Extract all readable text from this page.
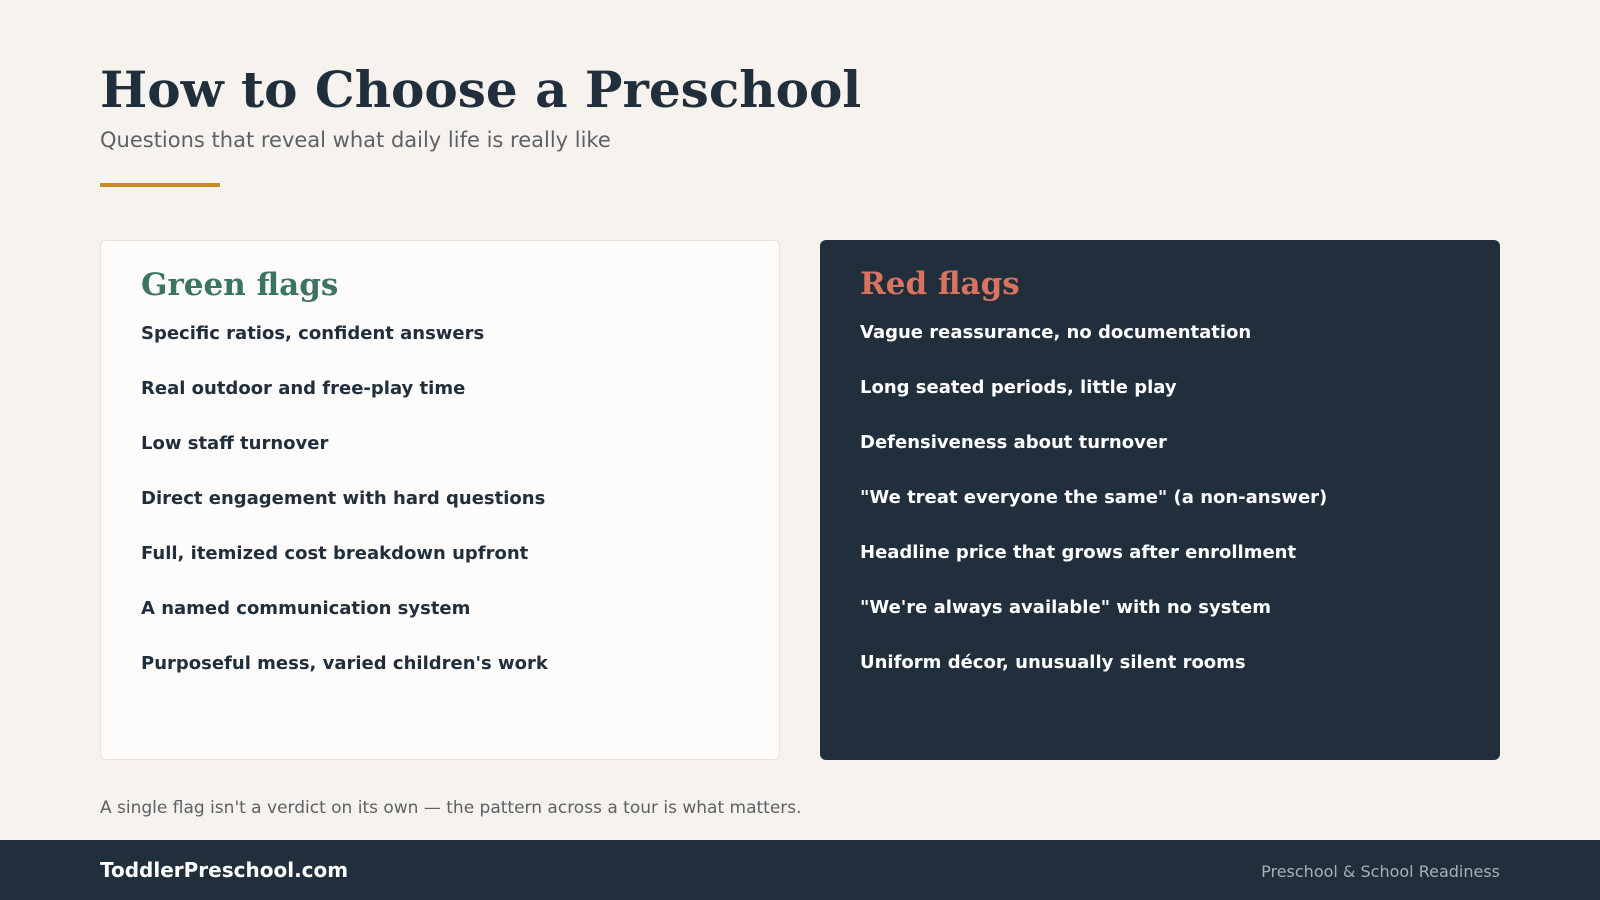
How to Choose a Preschool
Questions that reveal what daily life is really like
Green flags
Specific ratios, confident answers
Real outdoor and free-play time
Low staff turnover
Direct engagement with hard questions
Full, itemized cost breakdown upfront
A named communication system
Purposeful mess, varied children's work
Red flags
Vague reassurance, no documentation
Long seated periods, little play
Defensiveness about turnover
"We treat everyone the same" (a non-answer)
Headline price that grows after enrollment
"We're always available" with no system
Uniform décor, unusually silent rooms
A single flag isn't a verdict on its own — the pattern across a tour is what matters.
ToddlerPreschool.com	Preschool & School Readiness
